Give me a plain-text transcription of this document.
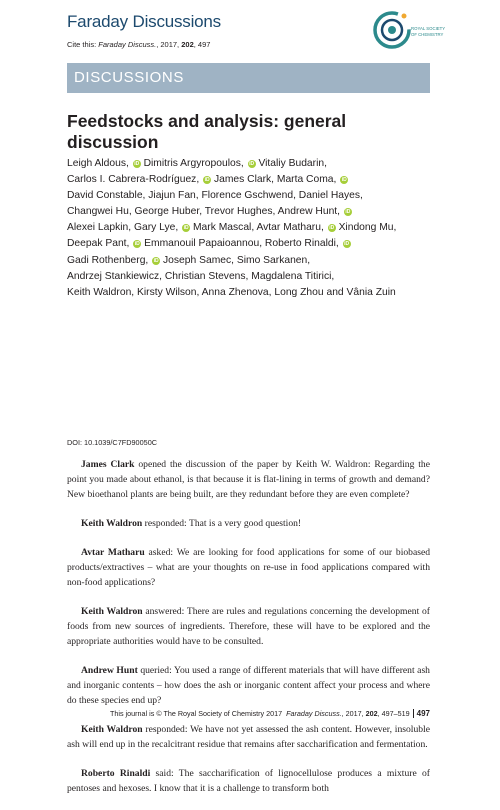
Faraday Discussions
Cite this: Faraday Discuss., 2017, 202, 497
ROYAL SOCIETY
OF CHEMISTRY
DISCUSSIONS
Feedstocks and analysis: general
discussion
Leigh Aldous, iD Dimitris Argyropoulos, iD Vitaliy Budarin,
Carlos I. Cabrera-Rodríguez, iD James Clark, Marta Coma, iD
David Constable, Jiajun Fan, Florence Gschwend, Daniel Hayes,
Changwei Hu, George Huber, Trevor Hughes, Andrew Hunt, iD
Alexei Lapkin, Gary Lye, iD Mark Mascal, Avtar Matharu, iD Xindong Mu,
Deepak Pant, iD Emmanouil Papaioannou, Roberto Rinaldi, iD
Gadi Rothenberg, iD Joseph Samec, Simo Sarkanen,
Andrzej Stankiewicz, Christian Stevens, Magdalena Titirici,
Keith Waldron, Kirsty Wilson, Anna Zhenova, Long Zhou and Vânia Zuin
DOI: 10.1039/C7FD90050C

James Clark opened the discussion of the paper by Keith W. Waldron: Regarding the point you made about ethanol, is that because it is flat-lining in terms of growth and demand? New bioethanol plants are being built, are they redundant before they are even complete?

Keith Waldron responded: That is a very good question!

Avtar Matharu asked: We are looking for food applications for some of our biobased products/extractives – what are your thoughts on re-use in food applications compared with non-food applications?

Keith Waldron answered: There are rules and regulations concerning the development of foods from new sources of ingredients. Therefore, these will have to be explored and the appropriate authorities would have to be consulted.

Andrew Hunt queried: You used a range of different materials that will have different ash and inorganic contents – how does the ash or inorganic content affect your process and where do these species end up?

Keith Waldron responded: We have not yet assessed the ash content. However, insoluble ash will end up in the recalcitrant residue that remains after saccharification and fermentation.

Roberto Rinaldi said: The saccharification of lignocellulose produces a mixture of pentoses and hexoses. I know that it is a challenge to transform both

This journal is © The Royal Society of Chemistry 2017 Faraday Discuss., 2017, 202, 497–519 497
